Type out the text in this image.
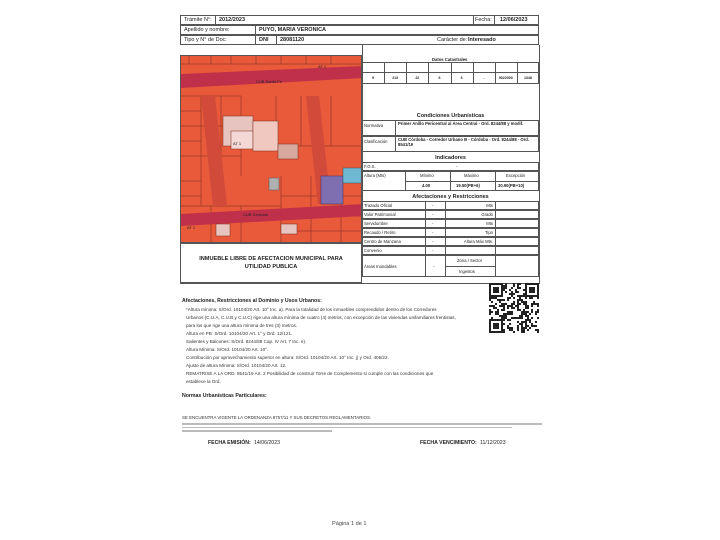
Trámite N°: 2012/2023	Fecha: 12/06/2023
Apellido y nombre:	PUYO, MARIA VERONICA
Tipo y N° de Doc:	DNI 28081120	Carácter de: Interesado
CUB Santa Fe
CUB Córdoba
AT 1
AT 1
AT 1
Datos Catastrales
9	213	22	6	6	-	9022000	1348
Condiciones Urbanísticas
Normativa	Primer Anillo Pericentral al Área Central - Ord. 8244/88 y modif.
Clasificación CUB Córdoba - Corredor Urbano B - Córdoba - Ord. 8244/88 - Ord. 8541/19
Indicadores
F.O.S.	-
Altura (Mts)	Mínimo	Máximo	Excepción
4.00	19.50(PB+6)	30.90(PB+10)
Afectaciones y Restricciones
Trazado Oficial	-	Mts
Valor Patrimonial	-	Grado
Servidumbre	-	Mts
Recaudo / Retiro	-	Tipo
Centro de Manzana	-	Altura Máx Mts.
Convenio	-
Áreas Inundables	-
Zona / Sector
Ingestos
INMUEBLE LIBRE DE AFECTACION MUNICIPAL PARA UTILIDAD PUBLICA
Afectaciones, Restricciones al Dominio y Usos Urbanos:
*Altura mínima: S/Ord. 10104/20 Art. 10° Inc. a). Para la totalidad de los inmuebles comprendidos dentro de los Corredores
Urbanos (C.U.A, C.U.B y C.U.C) rige una altura mínima de cuatro (4) metros, con excepción de las viviendas unifamiliares frentistas,
para los que rige una altura mínima de tres (3) metros.
Altura en PB: S/Ord. 10104/20 Art. 1° y Ord. 12/121.
Salientes y Balcones: S/Ord. 8244/88 Cap. IV Art. 7 Inc. e).
Altura Mínima: S/Ord. 10104/20 Art. 10°.
Contribución por aprovechamiento superior en altura: S/Ord. 10104/20 Art. 10° Inc. j) y Ord. 405/22.
Ajuste de altura Mínima: S/Ord. 10104/20 Art. 12.
REMATRISE A LA ORD. 8541/19 Art. 2 Posibilidad de construir Torre de Complemento si cumple con las condiciones que
establece la Ord.
Normas Urbanísticas Particulares:
SE ENCUENTRA VIGENTE LA ORDENANZA 8757/11 Y SUS DECRETOS REGLAMENTARIOS.
FECHA EMISIÓN: 14/06/2023	FECHA VENCIMIENTO: 11/12/2023
Página 1 de 1
